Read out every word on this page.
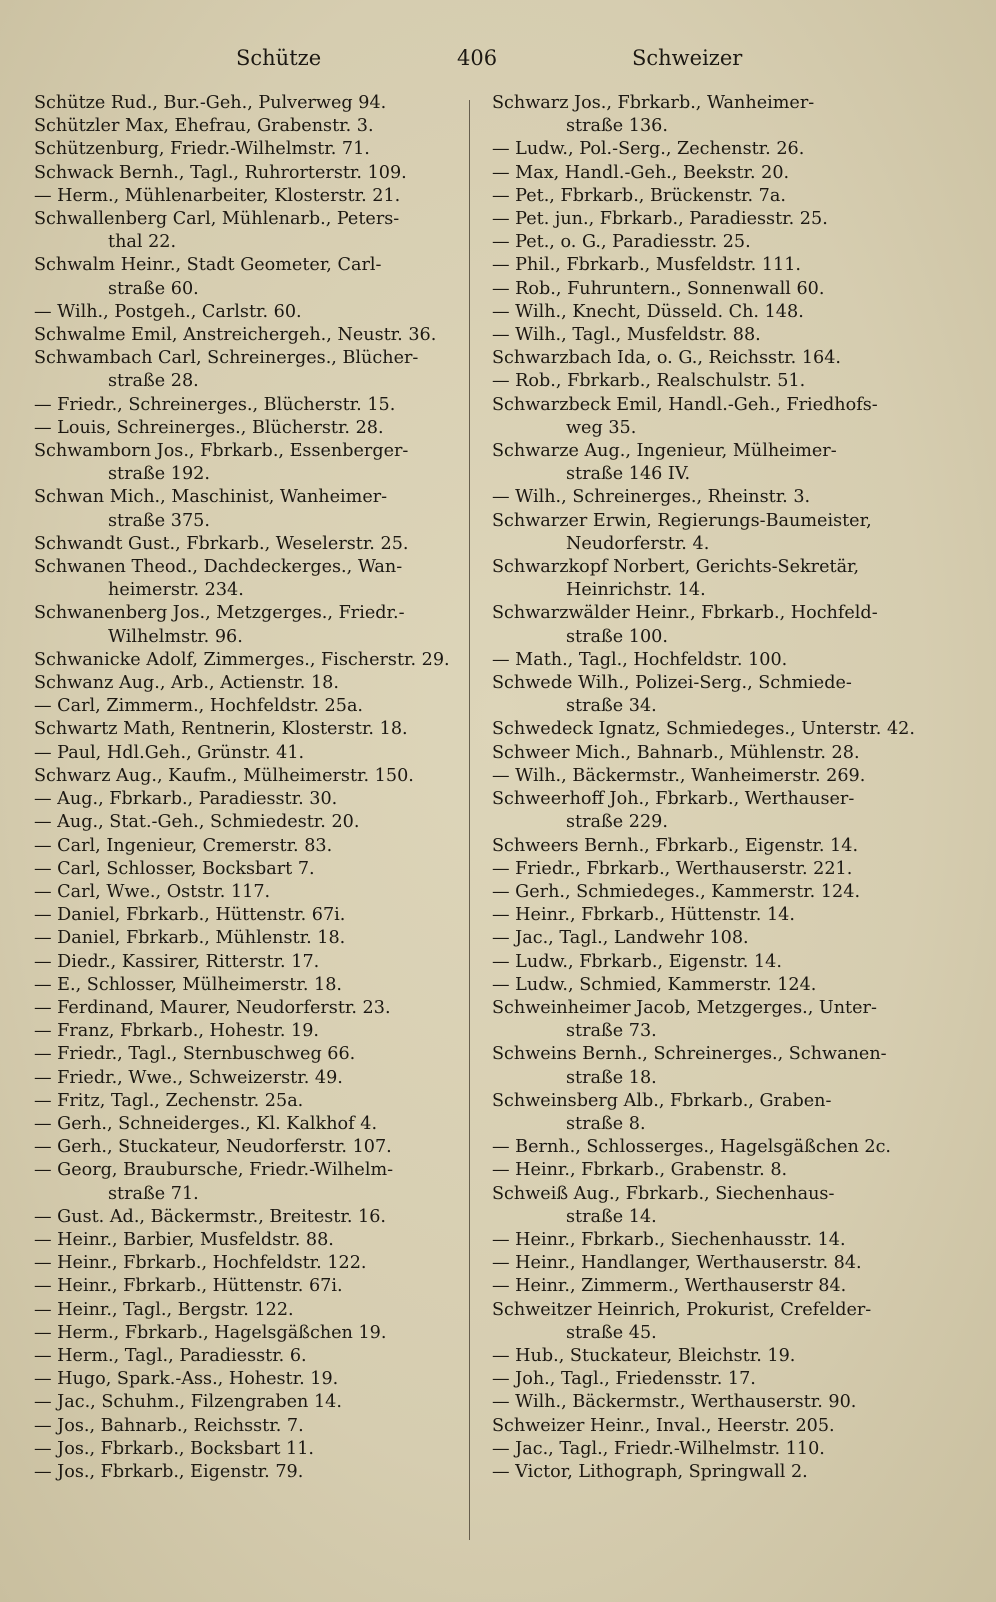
Schütze	406	Schweizer
Schütze Rud., Bur.-Geh., Pulverweg 94.
Schützler Max, Ehefrau, Grabenstr. 3.
Schützenburg, Friedr.-Wilhelmstr. 71.
Schwack Bernh., Tagl., Ruhrorterstr. 109.
— Herm., Mühlenarbeiter, Klosterstr. 21.
Schwallenberg Carl, Mühlenarb., Peters-
thal 22.
Schwalm Heinr., Stadt Geometer, Carl-
straße 60.
— Wilh., Postgeh., Carlstr. 60.
Schwalme Emil, Anstreichergeh., Neustr. 36.
Schwambach Carl, Schreinerges., Blücher-
straße 28.
— Friedr., Schreinerges., Blücherstr. 15.
— Louis, Schreinerges., Blücherstr. 28.
Schwamborn Jos., Fbrkarb., Essenberger-
straße 192.
Schwan Mich., Maschinist, Wanheimer-
straße 375.
Schwandt Gust., Fbrkarb., Weselerstr. 25.
Schwanen Theod., Dachdeckerges., Wan-
heimerstr. 234.
Schwanenberg Jos., Metzgerges., Friedr.-
Wilhelmstr. 96.
Schwanicke Adolf, Zimmerges., Fischerstr. 29.
Schwanz Aug., Arb., Actienstr. 18.
— Carl, Zimmerm., Hochfeldstr. 25a.
Schwartz Math, Rentnerin, Klosterstr. 18.
— Paul, Hdl.Geh., Grünstr. 41.
Schwarz Aug., Kaufm., Mülheimerstr. 150.
— Aug., Fbrkarb., Paradiesstr. 30.
— Aug., Stat.-Geh., Schmiedestr. 20.
— Carl, Ingenieur, Cremerstr. 83.
— Carl, Schlosser, Bocksbart 7.
— Carl, Wwe., Oststr. 117.
— Daniel, Fbrkarb., Hüttenstr. 67i.
— Daniel, Fbrkarb., Mühlenstr. 18.
— Diedr., Kassirer, Ritterstr. 17.
— E., Schlosser, Mülheimerstr. 18.
— Ferdinand, Maurer, Neudorferstr. 23.
— Franz, Fbrkarb., Hohestr. 19.
— Friedr., Tagl., Sternbuschweg 66.
— Friedr., Wwe., Schweizerstr. 49.
— Fritz, Tagl., Zechenstr. 25a.
— Gerh., Schneiderges., Kl. Kalkhof 4.
— Gerh., Stuckateur, Neudorferstr. 107.
— Georg, Braubursche, Friedr.-Wilhelm-
straße 71.
— Gust. Ad., Bäckermstr., Breitestr. 16.
— Heinr., Barbier, Musfeldstr. 88.
— Heinr., Fbrkarb., Hochfeldstr. 122.
— Heinr., Fbrkarb., Hüttenstr. 67i.
— Heinr., Tagl., Bergstr. 122.
— Herm., Fbrkarb., Hagelsgäßchen 19.
— Herm., Tagl., Paradiesstr. 6.
— Hugo, Spark.-Ass., Hohestr. 19.
— Jac., Schuhm., Filzengraben 14.
— Jos., Bahnarb., Reichsstr. 7.
— Jos., Fbrkarb., Bocksbart 11.
— Jos., Fbrkarb., Eigenstr. 79.
Schwarz Jos., Fbrkarb., Wanheimer-
straße 136.
— Ludw., Pol.-Serg., Zechenstr. 26.
— Max, Handl.-Geh., Beekstr. 20.
— Pet., Fbrkarb., Brückenstr. 7a.
— Pet. jun., Fbrkarb., Paradiesstr. 25.
— Pet., o. G., Paradiesstr. 25.
— Phil., Fbrkarb., Musfeldstr. 111.
— Rob., Fuhruntern., Sonnenwall 60.
— Wilh., Knecht, Düsseld. Ch. 148.
— Wilh., Tagl., Musfeldstr. 88.
Schwarzbach Ida, o. G., Reichsstr. 164.
— Rob., Fbrkarb., Realschulstr. 51.
Schwarzbeck Emil, Handl.-Geh., Friedhofs-
weg 35.
Schwarze Aug., Ingenieur, Mülheimer-
straße 146 IV.
— Wilh., Schreinerges., Rheinstr. 3.
Schwarzer Erwin, Regierungs-Baumeister,
Neudorferstr. 4.
Schwarzkopf Norbert, Gerichts-Sekretär,
Heinrichstr. 14.
Schwarzwälder Heinr., Fbrkarb., Hochfeld-
straße 100.
— Math., Tagl., Hochfeldstr. 100.
Schwede Wilh., Polizei-Serg., Schmiede-
straße 34.
Schwedeck Ignatz, Schmiedeges., Unterstr. 42.
Schweer Mich., Bahnarb., Mühlenstr. 28.
— Wilh., Bäckermstr., Wanheimerstr. 269.
Schweerhoff Joh., Fbrkarb., Werthauser-
straße 229.
Schweers Bernh., Fbrkarb., Eigenstr. 14.
— Friedr., Fbrkarb., Werthauserstr. 221.
— Gerh., Schmiedeges., Kammerstr. 124.
— Heinr., Fbrkarb., Hüttenstr. 14.
— Jac., Tagl., Landwehr 108.
— Ludw., Fbrkarb., Eigenstr. 14.
— Ludw., Schmied, Kammerstr. 124.
Schweinheimer Jacob, Metzgerges., Unter-
straße 73.
Schweins Bernh., Schreinerges., Schwanen-
straße 18.
Schweinsberg Alb., Fbrkarb., Graben-
straße 8.
— Bernh., Schlosserges., Hagelsgäßchen 2c.
— Heinr., Fbrkarb., Grabenstr. 8.
Schweiß Aug., Fbrkarb., Siechenhaus-
straße 14.
— Heinr., Fbrkarb., Siechenhausstr. 14.
— Heinr., Handlanger, Werthauserstr. 84.
— Heinr., Zimmerm., Werthauserstr 84.
Schweitzer Heinrich, Prokurist, Crefelder-
straße 45.
— Hub., Stuckateur, Bleichstr. 19.
— Joh., Tagl., Friedensstr. 17.
— Wilh., Bäckermstr., Werthauserstr. 90.
Schweizer Heinr., Inval., Heerstr. 205.
— Jac., Tagl., Friedr.-Wilhelmstr. 110.
— Victor, Lithograph, Springwall 2.
